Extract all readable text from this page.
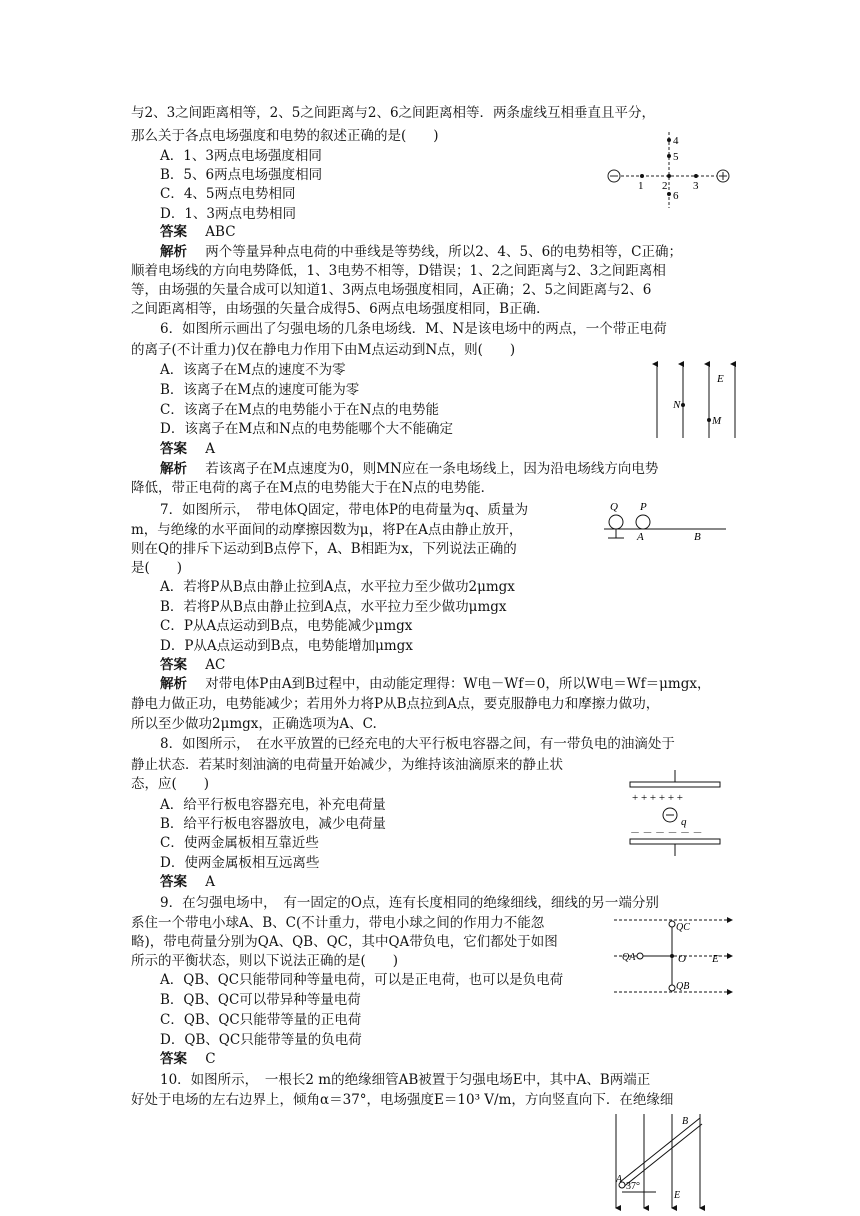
与2、3之间距离相等，2、5之间距离与2、6之间距离相等．两条虚线互相垂直且平分，
那么关于各点电场强度和电势的叙述正确的是(　　)
A．1、3两点电场强度相同
B．5、6两点电场强度相同
C．4、5两点电势相同
D．1、3两点电势相同
答案 ABC
解析 两个等量异种点电荷的中垂线是等势线，所以2、4、5、6的电势相等，C正确；
顺着电场线的方向电势降低，1、3电势不相等，D错误；1、2之间距离与2、3之间距离相
等，由场强的矢量合成可以知道1、3两点电场强度相同，A正确；2、5之间距离与2、6
之间距离相等，由场强的矢量合成得5、6两点电场强度相同，B正确．
4
5
1 2 3
6
6．如图所示画出了匀强电场的几条电场线．M、N是该电场中的两点，一个带正电荷
的离子(不计重力)仅在静电力作用下由M点运动到N点，则(　　)
A．该离子在M点的速度不为零
B．该离子在M点的速度可能为零
C．该离子在M点的电势能小于在N点的电势能
D．该离子在M点和N点的电势能哪个大不能确定
答案 A
解析 若该离子在M点速度为0，则MN应在一条电场线上，因为沿电场线方向电势
降低，带正电荷的离子在M点的电势能大于在N点的电势能．
E
N
M
7．如图所示，　带电体Q固定，带电体P的电荷量为q、质量为
m，与绝缘的水平面间的动摩擦因数为μ，将P在A点由静止放开，
则在Q的排斥下运动到B点停下，A、B相距为x，下列说法正确的
是(　　)
A．若将P从B点由静止拉到A点，水平拉力至少做功2μmgx
B．若将P从B点由静止拉到A点，水平拉力至少做功μmgx
C．P从A点运动到B点，电势能减少μmgx
D．P从A点运动到B点，电势能增加μmgx
答案 AC
解析 对带电体P由A到B过程中，由动能定理得：W电－Wf＝0，所以W电＝Wf＝μmgx，
静电力做正功，电势能减少；若用外力将P从B点拉到A点，要克服静电力和摩擦力做功，
所以至少做功2μmgx，正确选项为A、C.
Q P
A	B
8．如图所示，　在水平放置的已经充电的大平行板电容器之间，有一带负电的油滴处于
静止状态．若某时刻油滴的电荷量开始减少，为维持该油滴原来的静止状
态，应(　　)
A．给平行板电容器充电，补充电荷量
B．给平行板电容器放电，减少电荷量
C．使两金属板相互靠近些
D．使两金属板相互远离些
答案 A
+ + + + + +
q
－ － － － － －
9．在匀强电场中，　有一固定的O点，连有长度相同的绝缘细线，细线的另一端分别
系住一个带电小球A、B、C(不计重力，带电小球之间的作用力不能忽
略)，带电荷量分别为QA、QB、QC，其中QA带负电，它们都处于如图
所示的平衡状态，则以下说法正确的是(　　)
A．QB、QC只能带同种等量电荷，可以是正电荷，也可以是负电荷
B．QB、QC可以带异种等量电荷
C．QB、QC只能带等量的正电荷
D．QB、QC只能带等量的负电荷
答案 C
QC
QA	O E
QB
10．如图所示，　一根长2 m的绝缘细管AB被置于匀强电场E中，其中A、B两端正
好处于电场的左右边界上，倾角α＝37°，电场强度E＝10³ V/m，方向竖直向下．在绝缘细
B
A
37°
E
